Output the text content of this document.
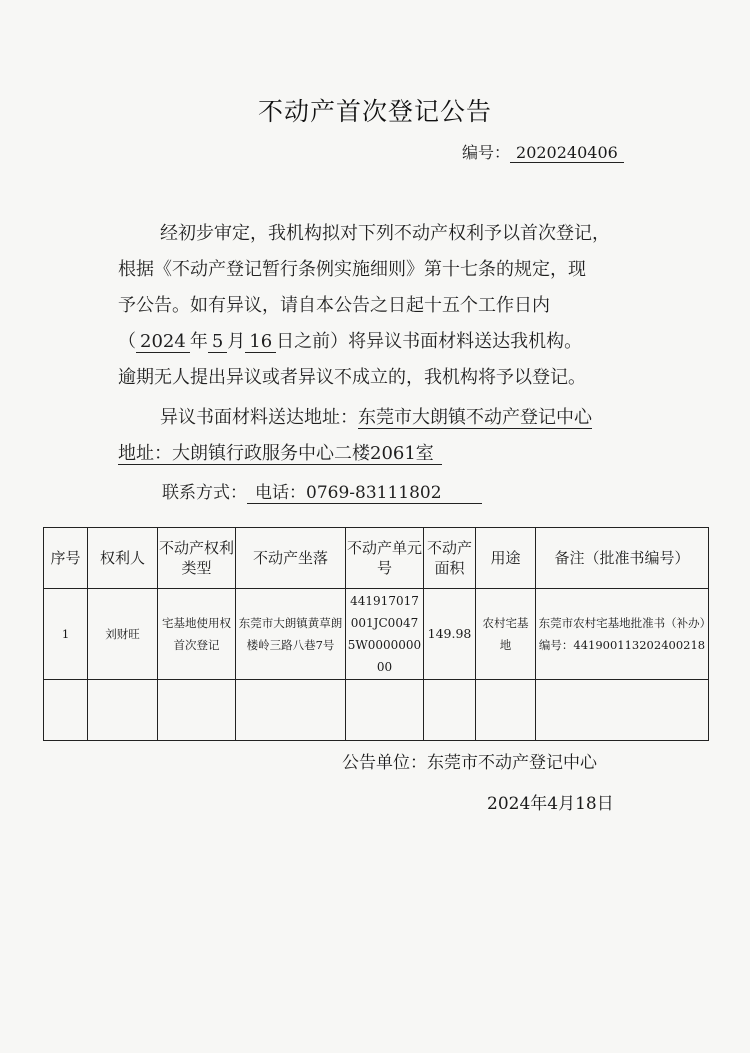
不动产首次登记公告
编号： 2020240406
经初步审定，我机构拟对下列不动产权利予以首次登记，
根据《不动产登记暂行条例实施细则》第十七条的规定，现
予公告。如有异议，请自本公告之日起十五个工作日内
（ 2024 年 5 月 16 日之前）将异议书面材料送达我机构。
逾期无人提出异议或者异议不成立的，我机构将予以登记。
异议书面材料送达地址：东莞市大朗镇不动产登记中心
地址：大朗镇行政服务中心二楼2061室
联系方式： 电话：0769-83111802
序号	权利人	不动产权利类型	不动产坐落	不动产单元号	不动产面积	用途	备注（批准书编号）
1	刘财旺	宅基地使用权首次登记	东莞市大朗镇黄草朗楼岭三路八巷7号	441917017001JC00475W000000000	149.98	农村宅基地	东莞市农村宅基地批准书（补办）编号：441900113202400218

公告单位：东莞市不动产登记中心
2024年4月18日
